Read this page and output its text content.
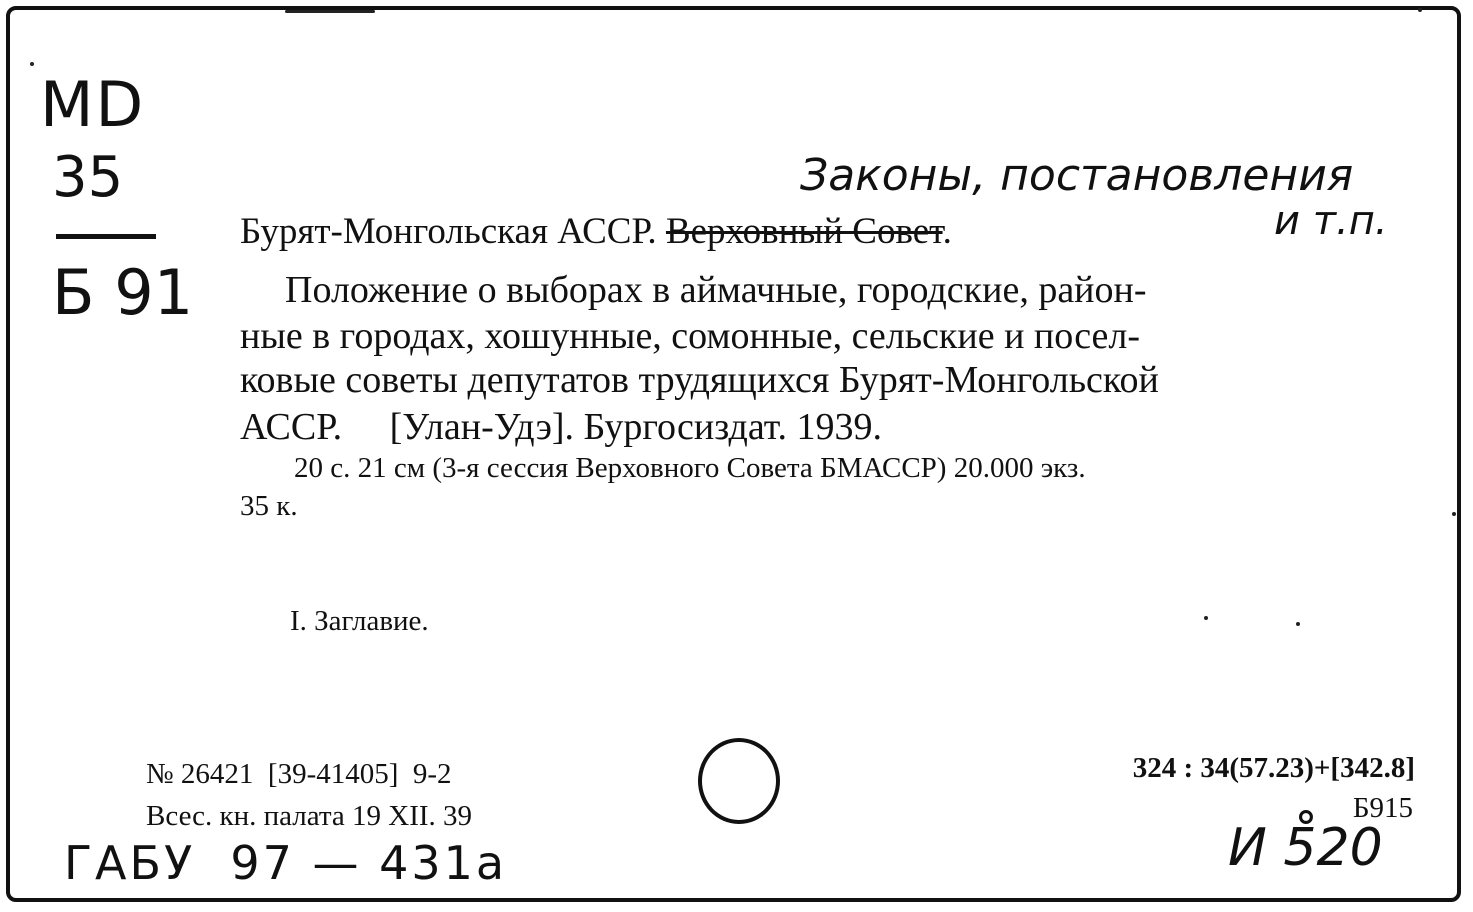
MD
35
Б 91
Законы, постановления
и т.п.
Бурят-Монгольская АССР. Верховный Совет.
Положение о выборах в аймачные, городские, район-
ные в городах, хошунные, сомонные, сельские и посел-
ковые советы депутатов трудящихся Бурят-Монгольской
АССР.     [Улан-Удэ]. Бургосиздат. 1939.
20 с. 21 см (3-я сессия Верховного Совета БМАССР) 20.000 экз.
35 к.
I. Заглавие.
№ 26421  [39-41405]  9-2
Всес. кн. палата 19 XII. 39
324 : 34(57.23)+[342.8]
Б915
ГАБУ  97 — 431а	И 5̊20
